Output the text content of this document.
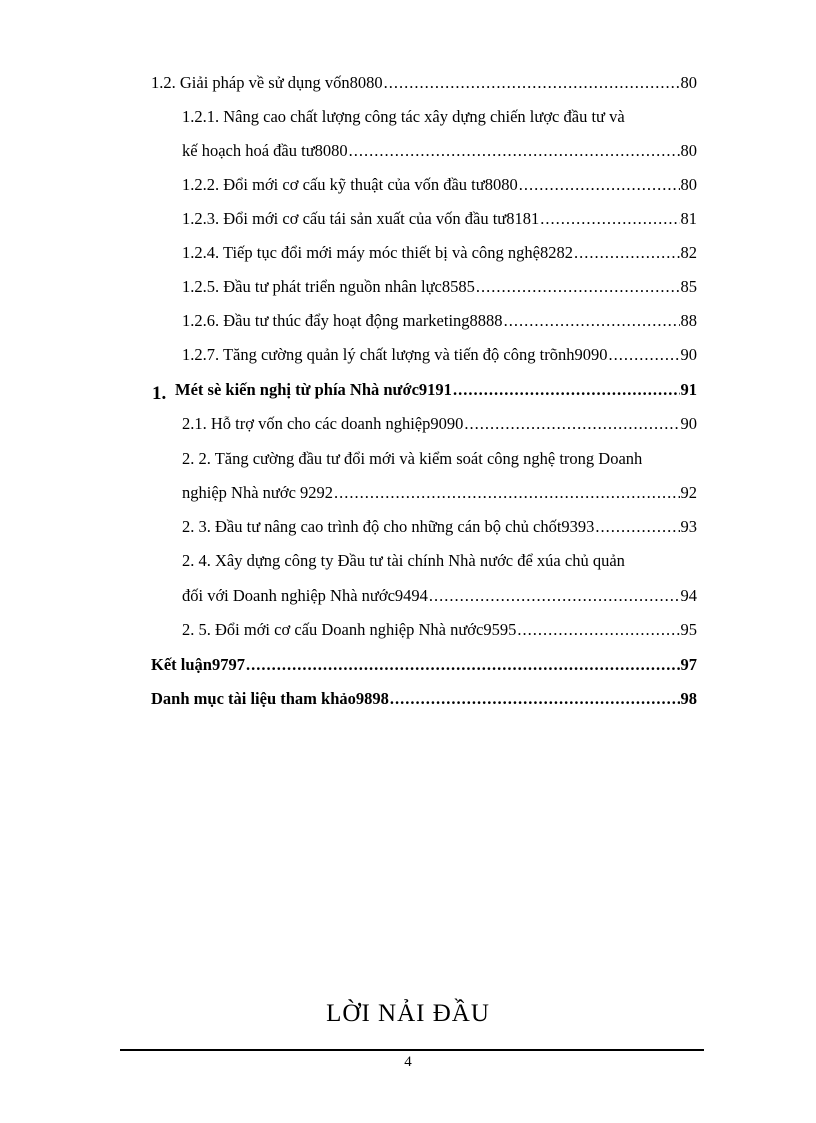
1.2. Giải pháp về sử dụng vốn8080 .....	80
1.2.1. Nâng cao chất lượng công tác xây dựng chiến lược đầu tư và
kế hoạch hoá đầu tư8080 .....	80
1.2.2. Đổi mới cơ cấu kỹ thuật của vốn đầu tư8080 .....	80
1.2.3. Đổi mới cơ cấu tái sản xuất của vốn đầu tư8181 .....	81
1.2.4. Tiếp tục đổi mới máy móc thiết bị và công nghệ8282 .....	82
1.2.5. Đầu tư phát triển nguồn nhân lực8585 .....	85
1.2.6. Đầu tư thúc đẩy hoạt động marketing8888 .....	88
1.2.7. Tăng cường quản lý chất lượng và tiến độ công trõnh9090 .....	90
1. Mét sè kiến nghị từ phía Nhà nước9191 .....	91
2.1. Hỗ trợ vốn cho các doanh nghiệp9090 .....	90
2. 2. Tăng cường đầu tư đổi mới và kiểm soát công nghệ trong Doanh
nghiệp Nhà nước 9292 .....	92
2. 3. Đầu tư nâng cao trình độ cho những cán bộ chủ chốt9393 .....	93
2. 4. Xây dựng công ty Đầu tư tài chính Nhà nước để xúa chủ quản
đối với Doanh nghiệp Nhà nước9494 .....	94
2. 5. Đổi mới cơ cấu Doanh nghiệp Nhà nước9595 .....	95
Kết luận9797 .....	97
Danh mục tài liệu tham khảo9898 .....	98
LỜI NẢI ĐẦU
4
